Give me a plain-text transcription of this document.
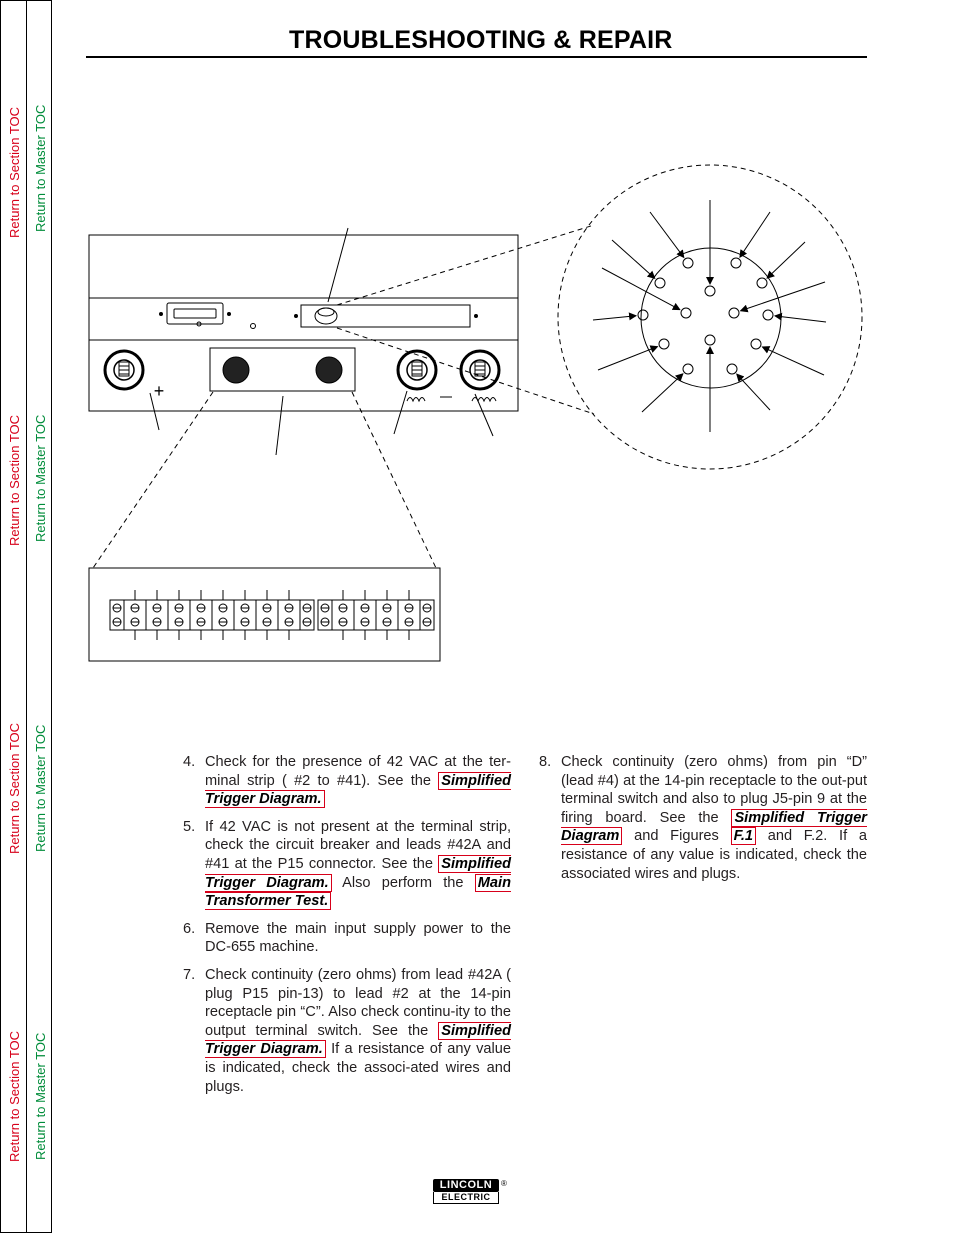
Return to Section TOC Return to Master TOC
Return to Section TOC Return to Master TOC
Return to Section TOC Return to Master TOC
Return to Section TOC Return to Master TOC
TROUBLESHOOTING & REPAIR
+

4. Check for the presence of 42 VAC at the ter-minal strip ( #2 to #41). See the Simplified Trigger Diagram.

5. If 42 VAC is not present at the terminal strip, check the circuit breaker and leads #42A and #41 at the P15 connector. See the Simplified Trigger Diagram. Also perform the Main Transformer Test.

6. Remove the main input supply power to the DC-655 machine.

7. Check continuity (zero ohms) from lead #42A ( plug P15 pin-13) to lead #2 at the 14-pin receptacle pin “C”. Also check continu-ity to the output terminal switch. See the Simplified Trigger Diagram. If a resistance of any value is indicated, check the associ-ated wires and plugs.

8. Check continuity (zero ohms) from pin “D” (lead #4) at the 14-pin receptacle to the out-put terminal switch and also to plug J5-pin 9 at the firing board. See the Simplified Trigger Diagram and Figures F.1 and F.2. If a resistance of any value is indicated, check the associated wires and plugs.

LINCOLN
ELECTRIC
®
